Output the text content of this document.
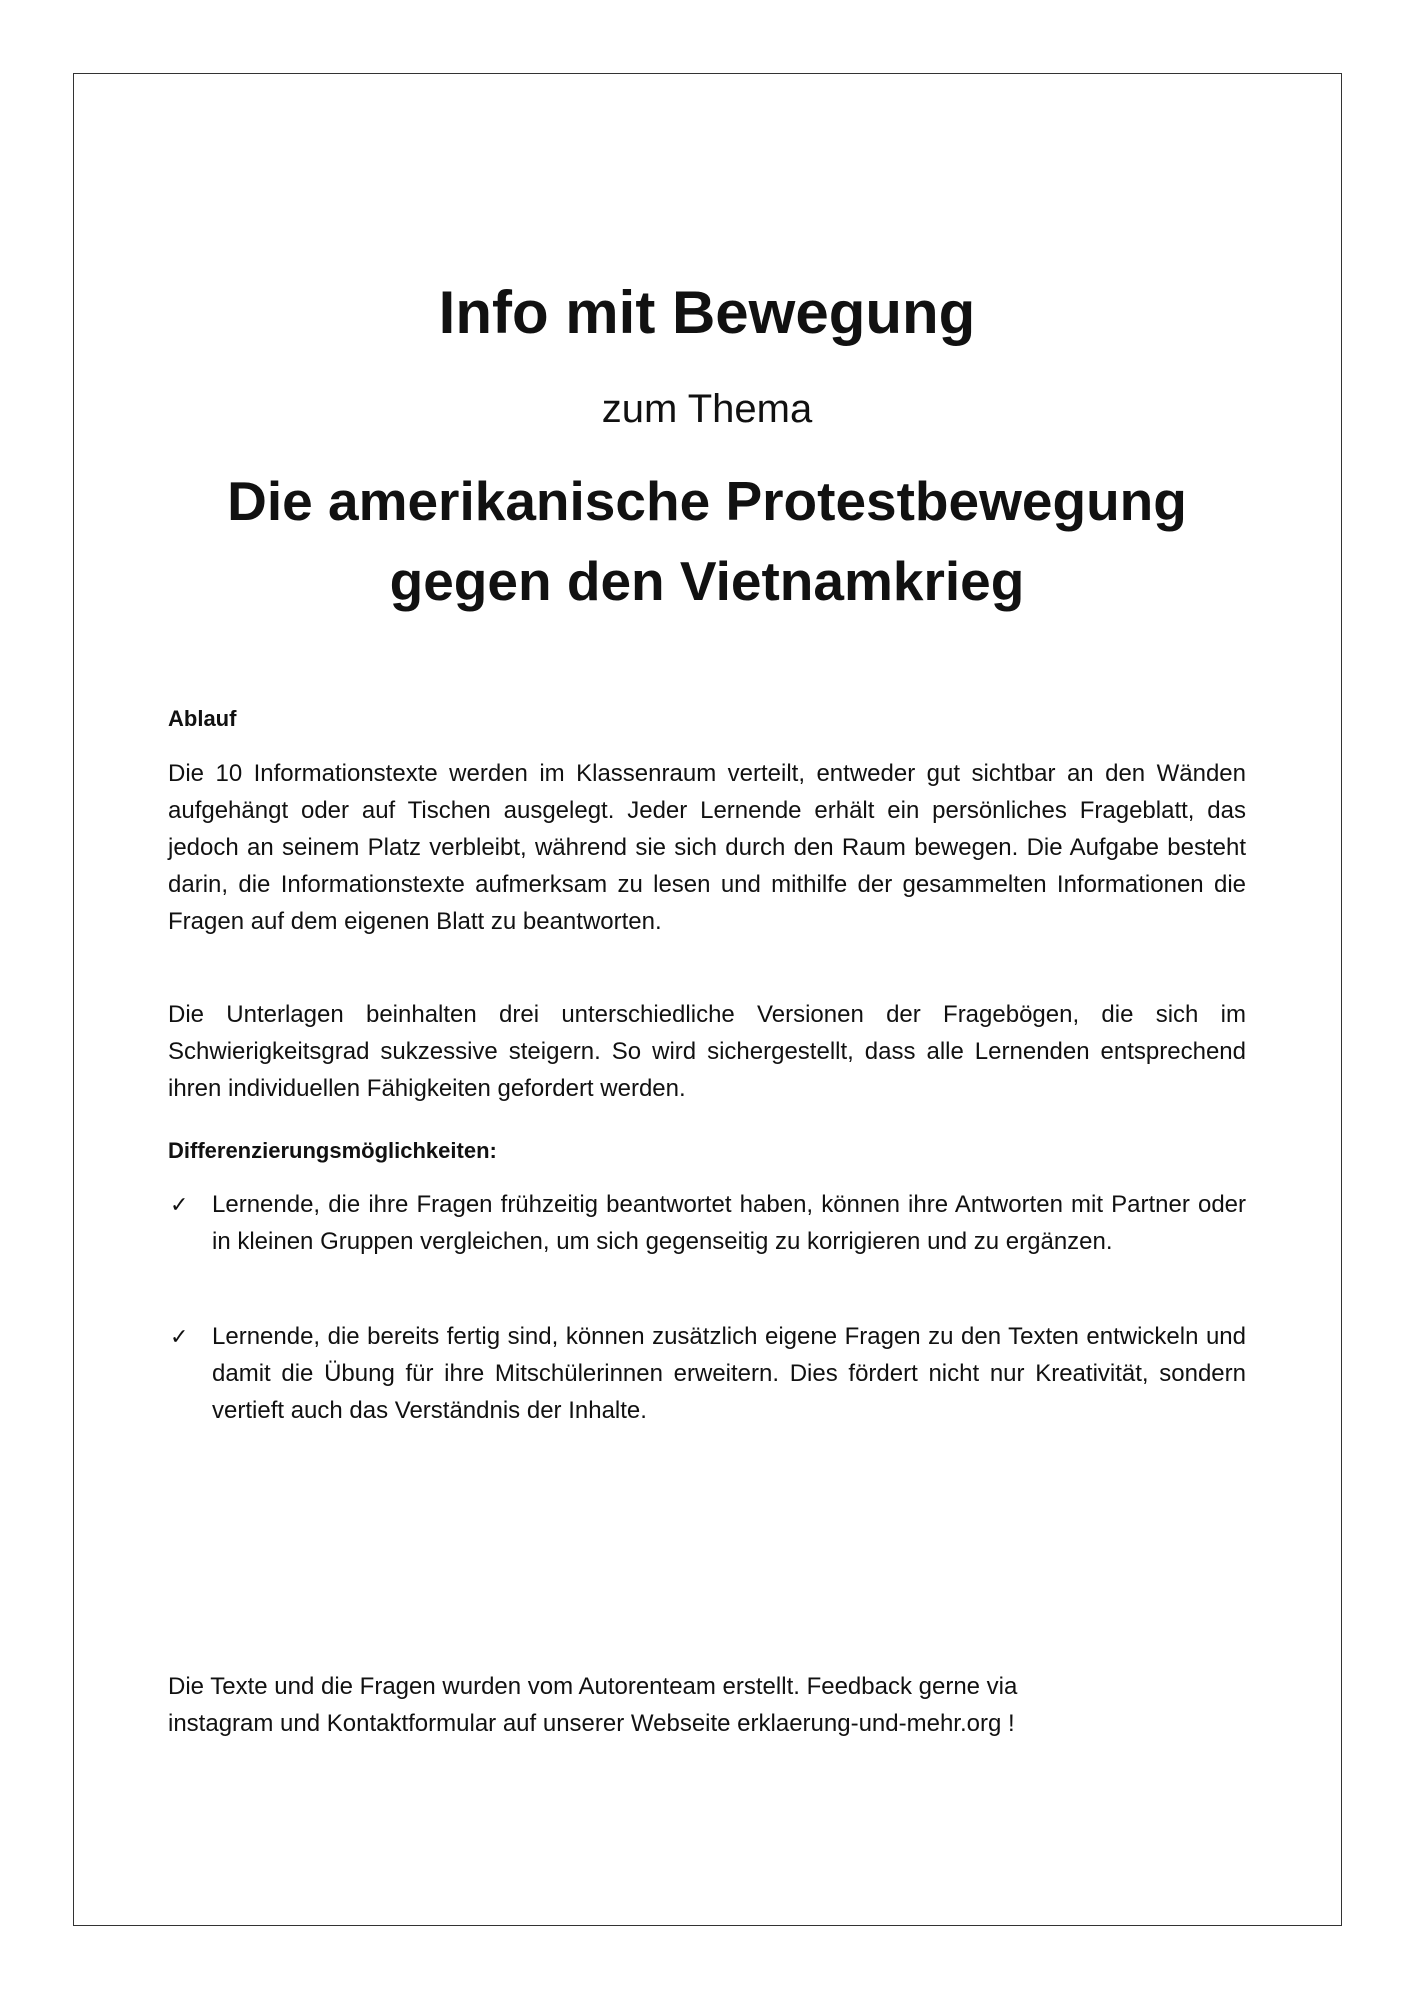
Info mit Bewegung
zum Thema
Die amerikanische Protestbewegung
gegen den Vietnamkrieg

Ablauf

Die 10 Informationstexte werden im Klassenraum verteilt, entweder gut sichtbar an den Wänden aufgehängt oder auf Tischen ausgelegt. Jeder Lernende erhält ein persönliches Frageblatt, das jedoch an seinem Platz verbleibt, während sie sich durch den Raum bewegen. Die Aufgabe besteht darin, die Informationstexte aufmerksam zu lesen und mithilfe der gesammelten Informationen die Fragen auf dem eigenen Blatt zu beantworten.

Die Unterlagen beinhalten drei unterschiedliche Versionen der Fragebögen, die sich im Schwierigkeitsgrad sukzessive steigern. So wird sichergestellt, dass alle Lernenden entsprechend ihren individuellen Fähigkeiten gefordert werden.

Differenzierungsmöglichkeiten:

✓ Lernende, die ihre Fragen frühzeitig beantwortet haben, können ihre Antworten mit Partner oder in kleinen Gruppen vergleichen, um sich gegenseitig zu korrigieren und zu ergänzen.
✓ Lernende, die bereits fertig sind, können zusätzlich eigene Fragen zu den Texten entwickeln und damit die Übung für ihre Mitschülerinnen erweitern. Dies fördert nicht nur Kreativität, sondern vertieft auch das Verständnis der Inhalte.

Die Texte und die Fragen wurden vom Autorenteam erstellt. Feedback gerne via

instagram und Kontaktformular auf unserer Webseite erklaerung-und-mehr.org !
